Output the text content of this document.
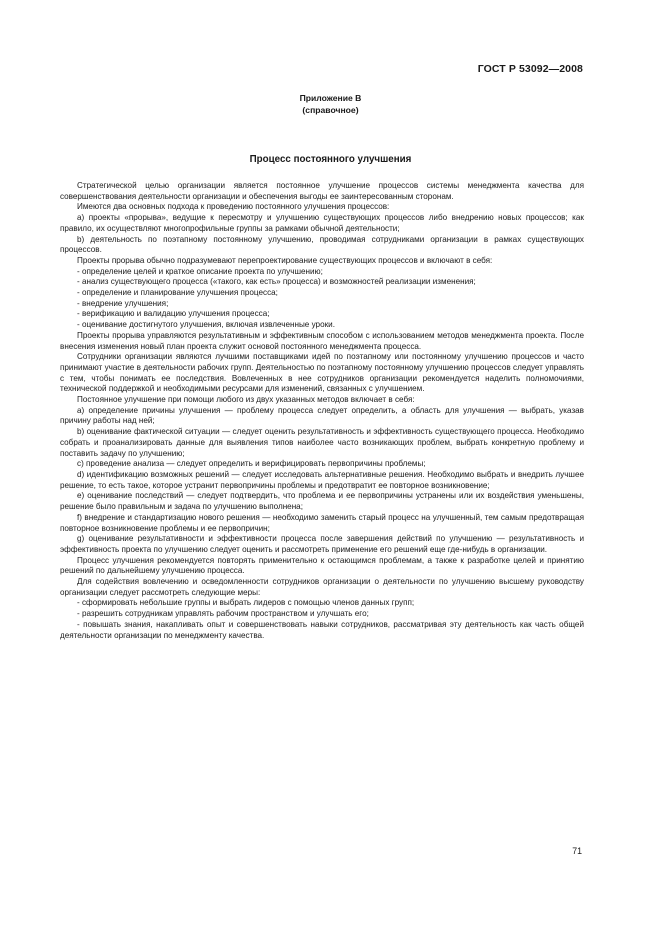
ГОСТ Р 53092—2008
Приложение В
(справочное)
Процесс постоянного улучшения

Стратегической целью организации является постоянное улучшение процессов системы менеджмента качества для совершенствования деятельности организации и обеспечения выгоды ее заинтересованным сторонам.

Имеются два основных подхода к проведению постоянного улучшения процессов:

a) проекты «прорыва», ведущие к пересмотру и улучшению существующих процессов либо внедрению новых процессов; как правило, их осуществляют многопрофильные группы за рамками обычной деятельности;

b) деятельность по поэтапному постоянному улучшению, проводимая сотрудниками организации в рамках существующих процессов.

Проекты прорыва обычно подразумевают перепроектирование существующих процессов и включают в себя:

- определение целей и краткое описание проекта по улучшению;

- анализ существующего процесса («такого, как есть» процесса) и возможностей реализации изменения;

- определение и планирование улучшения процесса;

- внедрение улучшения;

- верификацию и валидацию улучшения процесса;

- оценивание достигнутого улучшения, включая извлеченные уроки.

Проекты прорыва управляются результативным и эффективным способом с использованием методов менеджмента проекта. После внесения изменения новый план проекта служит основой постоянного менеджмента процесса.

Сотрудники организации являются лучшими поставщиками идей по поэтапному или постоянному улучшению процессов и часто принимают участие в деятельности рабочих групп. Деятельностью по поэтапному постоянному улучшению процессов следует управлять с тем, чтобы понимать ее последствия. Вовлеченных в нее сотрудников организации рекомендуется наделить полномочиями, технической поддержкой и необходимыми ресурсами для изменений, связанных с улучшением.

Постоянное улучшение при помощи любого из двух указанных методов включает в себя:

a) определение причины улучшения — проблему процесса следует определить, а область для улучшения — выбрать, указав причину работы над ней;

b) оценивание фактической ситуации — следует оценить результативность и эффективность существующего процесса. Необходимо собрать и проанализировать данные для выявления типов наиболее часто возникающих проблем, выбрать конкретную проблему и поставить задачу по улучшению;

c) проведение анализа — следует определить и верифицировать первопричины проблемы;

d) идентификацию возможных решений — следует исследовать альтернативные решения. Необходимо выбрать и внедрить лучшее решение, то есть такое, которое устранит первопричины проблемы и предотвратит ее повторное возникновение;

e) оценивание последствий — следует подтвердить, что проблема и ее первопричины устранены или их воздействия уменьшены, решение было правильным и задача по улучшению выполнена;

f) внедрение и стандартизацию нового решения — необходимо заменить старый процесс на улучшенный, тем самым предотвращая повторное возникновение проблемы и ее первопричин;

g) оценивание результативности и эффективности процесса после завершения действий по улучшению — результативность и эффективность проекта по улучшению следует оценить и рассмотреть применение его решений еще где-нибудь в организации.

Процесс улучшения рекомендуется повторять применительно к остающимся проблемам, а также к разработке целей и принятию решений по дальнейшему улучшению процесса.

Для содействия вовлечению и осведомленности сотрудников организации о деятельности по улучшению высшему руководству организации следует рассмотреть следующие меры:

- сформировать небольшие группы и выбрать лидеров с помощью членов данных групп;

- разрешить сотрудникам управлять рабочим пространством и улучшать его;

- повышать знания, накапливать опыт и совершенствовать навыки сотрудников, рассматривая эту деятельность как часть общей деятельности организации по менеджменту качества.

71
